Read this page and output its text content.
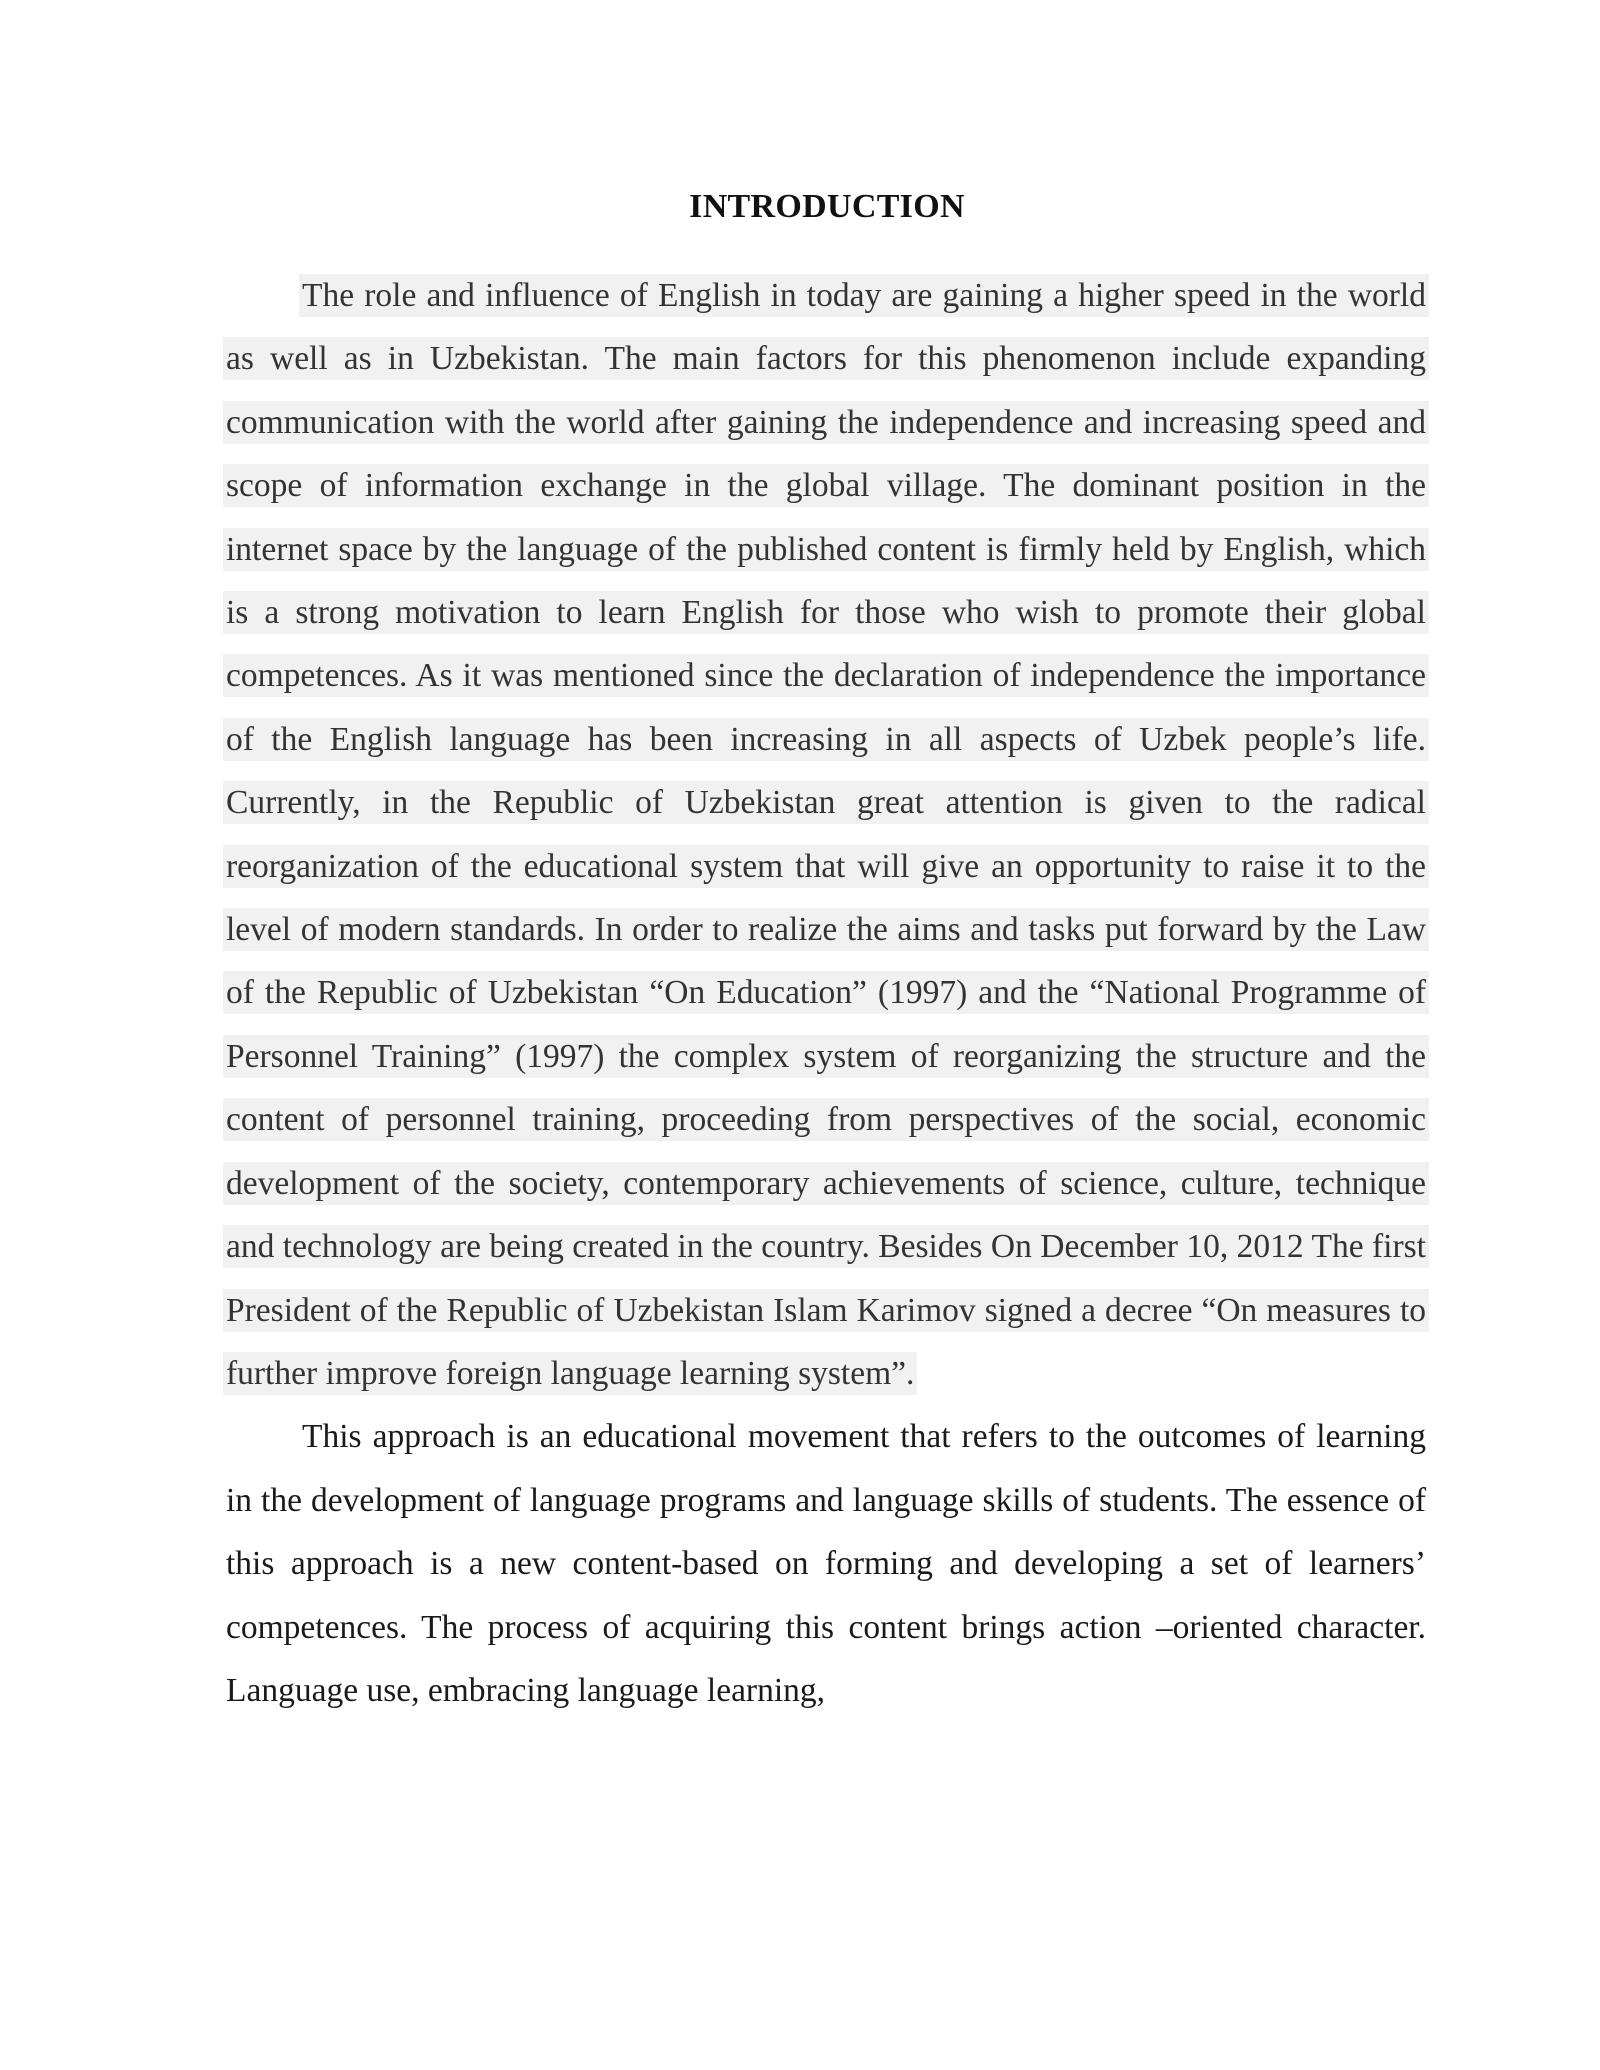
INTRODUCTION

The role and influence of English in today are gaining a higher speed in the world as well as in Uzbekistan. The main factors for this phenomenon include expanding communication with the world after gaining the independence and increasing speed and scope of information exchange in the global village. The dominant position in the internet space by the language of the published content is firmly held by English, which is a strong motivation to learn English for those who wish to promote their global competences. As it was mentioned since the declaration of independence the importance of the English language has been increasing in all aspects of Uzbek people’s life. Currently, in the Republic of Uzbekistan great attention is given to the radical reorganization of the educational system that will give an opportunity to raise it to the level of modern standards. In order to realize the aims and tasks put forward by the Law of the Republic of Uzbekistan “On Education” (1997) and the “National Programme of Personnel Training” (1997) the complex system of reorganizing the structure and the content of personnel training, proceeding from perspectives of the social, economic development of the society, contemporary achievements of science, culture, technique and technology are being created in the country. Besides On December 10, 2012 The first President of the Republic of Uzbekistan Islam Karimov signed a decree “On measures to further improve foreign language learning system”.

This approach is an educational movement that refers to the outcomes of learning in the development of language programs and language skills of students. The essence of this approach is a new content-based on forming and developing a set of learners’ competences. The process of acquiring this content brings action –oriented character. Language use, embracing language learning,
